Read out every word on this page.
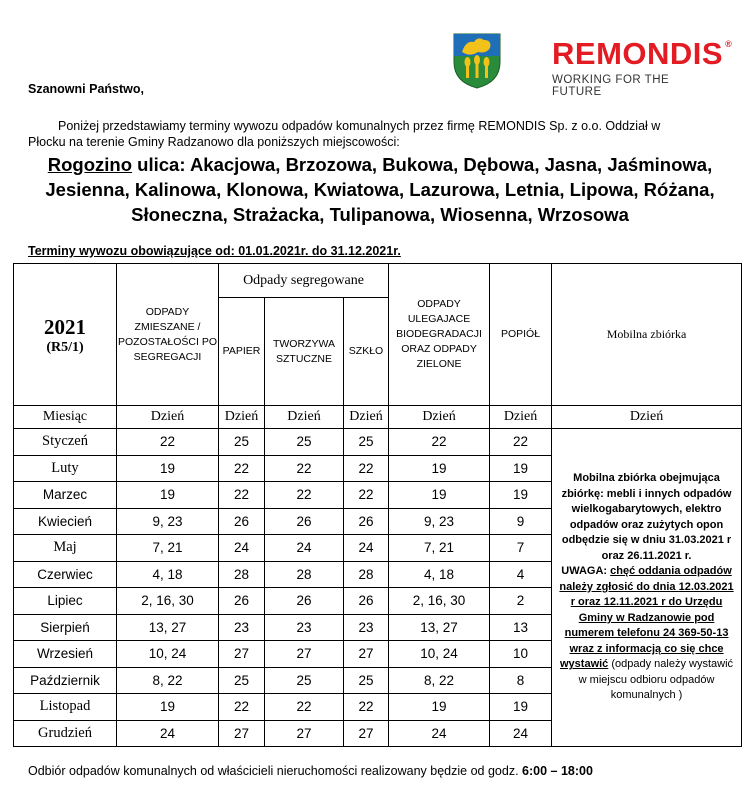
REMONDIS ®
WORKING FOR THE FUTURE
Szanowni Państwo,
Poniżej przedstawiamy terminy wywozu odpadów komunalnych przez firmę REMONDIS Sp. z o.o. Oddział w
Płocku na terenie Gminy Radzanowo dla poniższych miejscowości:
Rogozino ulica: Akacjowa, Brzozowa, Bukowa, Dębowa, Jasna, Jaśminowa,
Jesienna, Kalinowa, Klonowa, Kwiatowa, Lazurowa, Letnia, Lipowa, Różana,
Słoneczna, Strażacka, Tulipanowa, Wiosenna, Wrzosowa
Terminy wywozu obowiązujące od: 01.01.2021r. do 31.12.2021r.
2021
(R5/1)	ODPADY ZMIESZANE / POZOSTAŁOŚCI PO SEGREGACJI	Odpady segregowane			ODPADY ULEGAJACE BIODEGRADACJI ORAZ ODPADY ZIELONE	POPIÓŁ	Mobilna zbiórka
		PAPIER	TWORZYWA SZTUCZNE	SZKŁO			
Miesiąc	Dzień	Dzień	Dzień	Dzień	Dzień	Dzień	Dzień
Styczeń	22	25	25	25	22	22	Mobilna zbiórka obejmująca zbiórkę: mebli i innych odpadów wielkogabarytowych, elektro odpadów oraz zużytych opon odbędzie się w dniu 31.03.2021 r oraz 26.11.2021 r.
UWAGA: chęć oddania odpadów należy zgłosić do dnia 12.03.2021 r oraz 12.11.2021 r do Urzędu Gminy w Radzanowie pod numerem telefonu 24 369-50-13 wraz z informacją co się chce wystawić (odpady należy wystawić w miejscu odbioru odpadów komunalnych )
Luty	19	22	22	22	19	19	
Marzec	19	22	22	22	19	19	
Kwiecień	9, 23	26	26	26	9, 23	9	
Maj	7, 21	24	24	24	7, 21	7	
Czerwiec	4, 18	28	28	28	4, 18	4	
Lipiec	2, 16, 30	26	26	26	2, 16, 30	2	
Sierpień	13, 27	23	23	23	13, 27	13	
Wrzesień	10, 24	27	27	27	10, 24	10	
Październik	8, 22	25	25	25	8, 22	8	
Listopad	19	22	22	22	19	19	
Grudzień	24	27	27	27	24	24	
Odbiór odpadów komunalnych od właścicieli nieruchomości realizowany będzie od godz. 6:00 – 18:00
